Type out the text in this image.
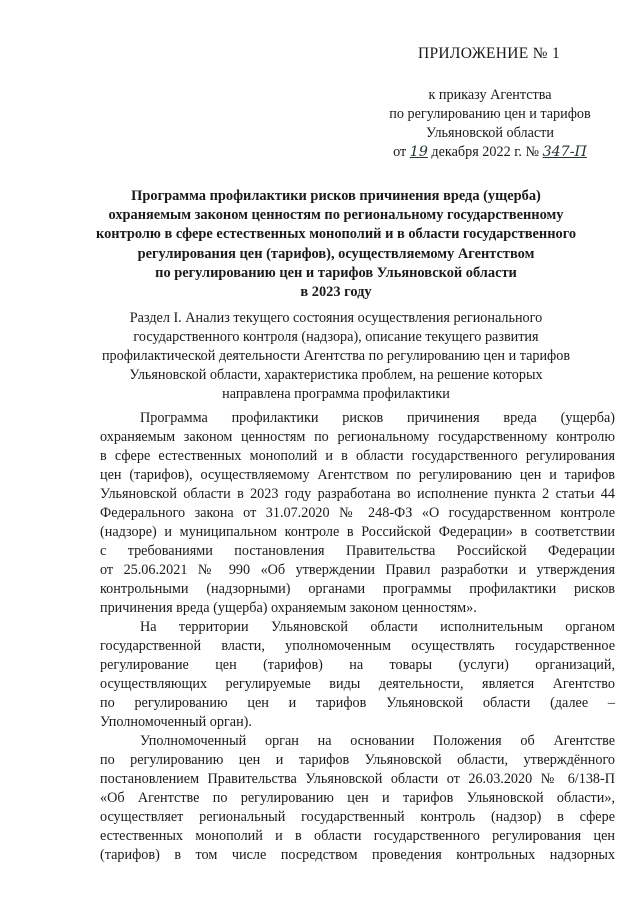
ПРИЛОЖЕНИЕ № 1
к приказу Агентства
по регулированию цен и тарифов
Ульяновской области
от 19 декабря 2022 г. № 347-П
Программа профилактики рисков причинения вреда (ущерба)
охраняемым законом ценностям по региональному государственному
контролю в сфере естественных монополий и в области государственного
регулирования цен (тарифов), осуществляемому Агентством
по регулированию цен и тарифов Ульяновской области
в 2023 году
Раздел I. Анализ текущего состояния осуществления регионального
государственного контроля (надзора), описание текущего развития
профилактической деятельности Агентства по регулированию цен и тарифов
Ульяновской области, характеристика проблем, на решение которых
направлена программа профилактики
Программа профилактики рисков причинения вреда (ущерба)
охраняемым законом ценностям по региональному государственному контролю
в сфере естественных монополий и в области государственного регулирования
цен (тарифов), осуществляемому Агентством по регулированию цен и тарифов
Ульяновской области в 2023 году разработана во исполнение пункта 2 статьи 44
Федерального закона от 31.07.2020 № 248-ФЗ «О государственном контроле
(надзоре) и муниципальном контроле в Российской Федерации» в соответствии
с требованиями постановления Правительства Российской Федерации
от 25.06.2021 № 990 «Об утверждении Правил разработки и утверждения
контрольными (надзорными) органами программы профилактики рисков
причинения вреда (ущерба) охраняемым законом ценностям».
На территории Ульяновской области исполнительным органом
государственной власти, уполномоченным осуществлять государственное
регулирование цен (тарифов) на товары (услуги) организаций,
осуществляющих регулируемые виды деятельности, является Агентство
по регулированию цен и тарифов Ульяновской области (далее –
Уполномоченный орган).
Уполномоченный орган на основании Положения об Агентстве
по регулированию цен и тарифов Ульяновской области, утверждённого
постановлением Правительства Ульяновской области от 26.03.2020 № 6/138-П
«Об Агентстве по регулированию цен и тарифов Ульяновской области»,
осуществляет региональный государственный контроль (надзор) в сфере
естественных монополий и в области государственного регулирования цен
(тарифов) в том числе посредством проведения контрольных надзорных
